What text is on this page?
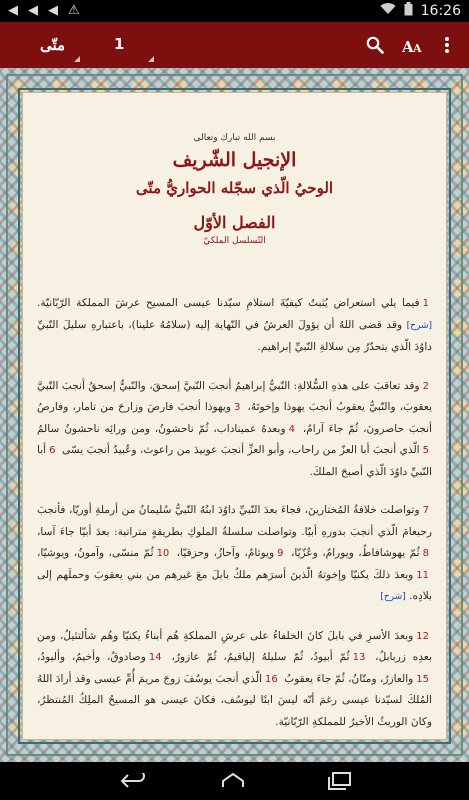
◀ ◀ ◀ ⚠	16:26
متّى	1	A A
بسم الله تبارك وتعالى
الإنجيل الشّريف
الوحيُ الّذي سجّله الحواريُّ متّى
الفصل الأوّل
التّسلسل الملكيّ
1فيما يلي استعراض يُثبتُ كيفيّةَ استلامِ سيّدنا عيسى المسيح عرشَ المملكة الرّبّانيّة. [شرح] وقد قضى اللهُ أن يؤولَ العرشُ في النّهاية إليه (سلامُهُ علينا)، باعتبارهِ سليلَ النّبيِّ داوُدَ الّذي يتحدّرُ مِن سلالةِ النّبيِّ إبراهيم.
2وقد تعاقبَ على هذهِ السُّلالةِ: النّبيُّ إبراهيمُ أنجبَ النّبيَّ إسحقَ، والنّبيُّ إسحقُ أنجبَ النّبيَّ يعقوبَ، والنّبيُّ يعقوبُ أنجبَ يهوذا وإخوتَهُ، 3ويهوذا أنجبَ فارصَ وزارحَ من تامار، وفارصُ أنجبَ حاصرونَ، ثُمّ جاءَ آرامُ، 4وبعدهُ عميناداب، ثُمّ ناحشونُ، ومن ورائِه ناحشونُ سالمُ 5الّذي أنجبَ أبا العزّ من راحاب، وأبو العزِّ أنجبَ عوبيدَ من راعوث، وعُبيدُ أنجبَ يسّى 6أبا النّبيِّ داوُدَ الّذي أصبحَ الملكَ.
7وتواصلت خلافةُ المُختارينَ، فجاءَ بعدَ النّبيِّ داوُدَ ابنُهُ النّبيُّ سُليمانُ من أرملةِ أوريّا، فأنجبَ رحبعامَ الّذي أنجبَ بدورهِ أبيّا. وتواصلت سلسلةُ الملوكِ بطريقةٍ متراتبة: بعدَ أبيّا جاءَ آسا، 8ثُمّ يهوشافاطُ، ويورامُ، وعُزّيّا، 9ويوثامُ، وآحازُ، وحزقيّا، 10ثُمّ منسّى، وآمونُ، ويوشيّا، 11وبعدَ ذلكَ يكنيّا وإخوتهُ الّذينَ أسرَهم ملكُ بابلَ معَ غيرهم من بني يعقوبَ وحملَهم إلى بلادِه. [شرح]
12وبعدَ الأسرِ في بابلَ كانَ الخلفاءُ على عرشِ المملكةِ هُم أبناءُ يكنيّا وهُم شألتئيلُ، ومن بعدِه زربابلُ، 13ثُمّ أبيودُ، ثُمّ سليلهُ إلياقيمُ، ثُمّ عازورُ، 14وصادوقُ، وأخيمُ، وأليودُ، 15والعازرُ، ومتّانُ، ثُمّ جاءَ يعقوبُ 16الّذي أنجبَ يوسُفَ زوجَ مريمَ أُمِّ عيسى وقد أرادَ اللهُ المُلكَ لسيّدنا عيسى رغمَ أنّه ليسَ ابنًا ليوسُف، فكانَ عيسى هو المسيحُ الملِكُ المُنتظرُ، وكانَ الوريثُ الأخيرُ للمملكةِ الرّبّانيّة.
